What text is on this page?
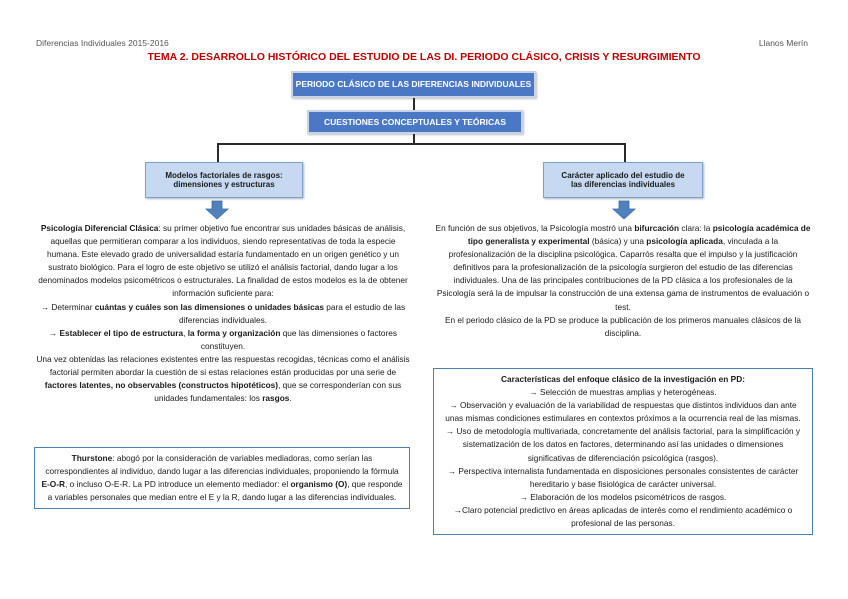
Diferencias Individuales 2015-2016	Llanos Merín
TEMA 2. DESARROLLO HISTÓRICO DEL ESTUDIO DE LAS DI. PERIODO CLÁSICO, CRISIS Y RESURGIMIENTO
PERIODO CLÁSICO DE LAS DIFERENCIAS INDIVIDUALES
CUESTIONES CONCEPTUALES Y TEÓRICAS
Modelos factoriales de rasgos:
dimensiones y estructuras
Carácter aplicado del estudio de
las diferencias individuales

Psicología Diferencial Clásica: su primer objetivo fue encontrar sus unidades básicas de análisis, aquellas que permitieran comparar a los individuos, siendo representativas de toda la especie humana. Este elevado grado de universalidad estaría fundamentado en un origen genético y un sustrato biológico. Para el logro de este objetivo se utilizó el análisis factorial, dando lugar a los denominados modelos psicométricos o estructurales. La finalidad de estos modelos es la de obtener información suficiente para:

→ Determinar cuántas y cuáles son las dimensiones o unidades básicas para el estudio de las diferencias individuales.

→ Establecer el tipo de estructura, la forma y organización que las dimensiones o factores constituyen.

Una vez obtenidas las relaciones existentes entre las respuestas recogidas, técnicas como el análisis factorial permiten abordar la cuestión de si estas relaciones están producidas por una serie de factores latentes, no observables (constructos hipotéticos), que se corresponderían con sus unidades fundamentales: los rasgos.

Thurstone: abogó por la consideración de variables mediadoras, como serían las correspondientes al individuo, dando lugar a las diferencias individuales, proponiendo la fórmula E-O-R, o incluso O-E-R. La PD introduce un elemento mediador: el organismo (O), que responde a variables personales que median entre el E y la R, dando lugar a las diferencias individuales.

En función de sus objetivos, la Psicología mostró una bifurcación clara: la psicología académica de tipo generalista y experimental (básica) y una psicología aplicada, vinculada a la profesionalización de la disciplina psicológica. Caparrós resalta que el impulso y la justificación definitivos para la profesionalización de la psicología surgieron del estudio de las diferencias individuales. Una de las principales contribuciones de la PD clásica a los profesionales de la Psicología será la de impulsar la construcción de una extensa gama de instrumentos de evaluación o test.

En el periodo clásico de la PD se produce la publicación de los primeros manuales clásicos de la disciplina.

Características del enfoque clásico de la investigación en PD:

→ Selección de muestras amplias y heterogéneas.

→ Observación y evaluación de la variabilidad de respuestas que distintos individuos dan ante unas mismas condiciones estimulares en contextos próximos a la ocurrencia real de las mismas.

→ Uso de metodología multivariada, concretamente del análisis factorial, para la simplificación y sistematización de los datos en factores, determinando así las unidades o dimensiones significativas de diferenciación psicológica (rasgos).

→ Perspectiva internalista fundamentada en disposiciones personales consistentes de carácter hereditario y base fisiológica de carácter universal.

→ Elaboración de los modelos psicométricos de rasgos.

→Claro potencial predictivo en áreas aplicadas de interés como el rendimiento académico o profesional de las personas.
